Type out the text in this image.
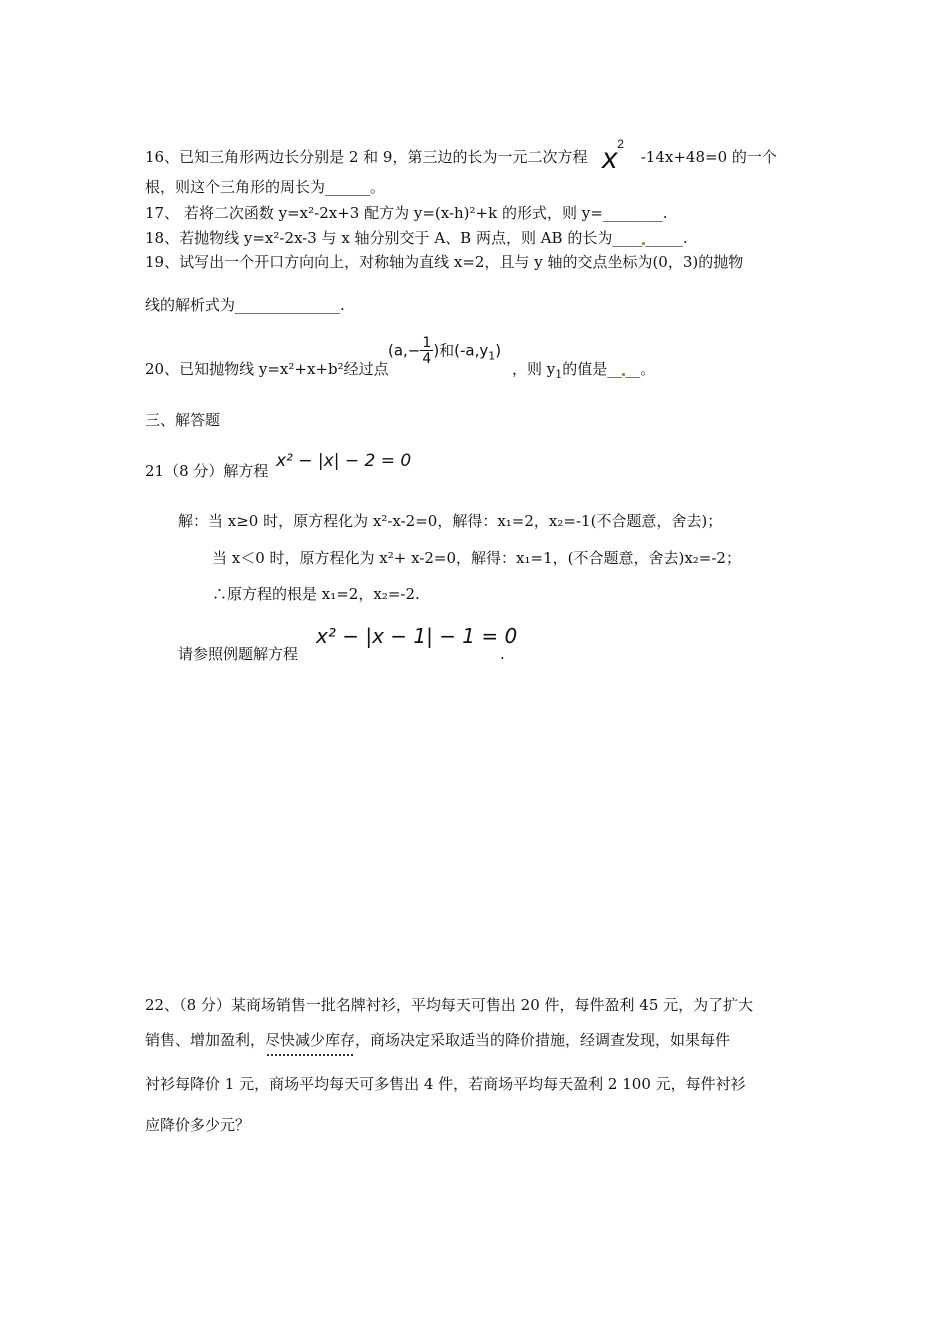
16、已知三角形两边长分别是 2 和 9，第三边的长为一元二次方程 $x^2$ -14x+48=0 的一个
根，则这个三角形的周长为______。
17、 若将二次函数 y=x²-2x+3 配方为 y=(x-h)²+k 的形式，则 y=________.
18、若抛物线 y=x²-2x-3 与 x 轴分别交于 A、B 两点，则 AB 的长为____ _____.
19、试写出一个开口方向向上，对称轴为直线 x=2，且与 y 轴的交点坐标为(0，3)的抛物
线的解析式为______________.
20、已知抛物线 y=x²+x+b²经过点
($a,- \frac{1}{4}$ )和$(-a,y_1)$
，则 $y_1$的值是__ __。
三、解答题
21（8 分）解方程 x² − |x| − 2 = 0
解：当 x≥0 时，原方程化为 x²-x-2=0，解得：x₁=2，x₂=-1(不合题意，舍去)；
当 x＜0 时，原方程化为 x²+ x-2=0，解得：x₁=1，(不合题意，舍去)x₂=-2；
∴原方程的根是 x₁=2，x₂=-2.
请参照例题解方程
x² − |x − 1| − 1 = 0
.
22、（8 分）某商场销售一批名牌衬衫，平均每天可售出 20 件，每件盈利 45 元，为了扩大
销售、增加盈利，尽快减少库存，商场决定采取适当的降价措施，经调查发现，如果每件
衬衫每降价 1 元，商场平均每天可多售出 4 件，若商场平均每天盈利 2 100 元，每件衬衫
应降价多少元？
